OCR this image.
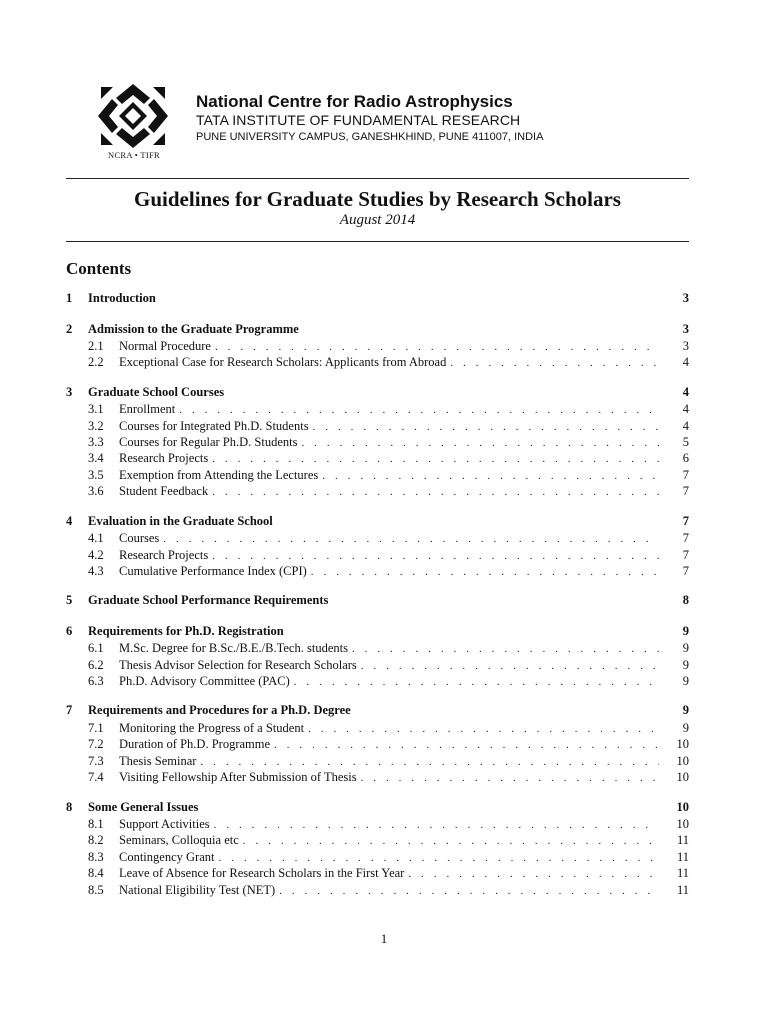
NCRA • TIFR
National Centre for Radio Astrophysics
TATA INSTITUTE OF FUNDAMENTAL RESEARCH
PUNE UNIVERSITY CAMPUS, GANESHKHIND, PUNE 411007, INDIA
Guidelines for Graduate Studies by Research Scholars
August 2014
Contents
1	Introduction	3
2	Admission to the Graduate Programme	3
2.1	Normal Procedure . . .	3
2.2	Exceptional Case for Research Scholars: Applicants from Abroad . . .	4
3	Graduate School Courses	4
3.1	Enrollment . . .	4
3.2	Courses for Integrated Ph.D. Students . . .	4
3.3	Courses for Regular Ph.D. Students . . .	5
3.4	Research Projects . . .	6
3.5	Exemption from Attending the Lectures . . .	7
3.6	Student Feedback . . .	7
4	Evaluation in the Graduate School	7
4.1	Courses . . .	7
4.2	Research Projects . . .	7
4.3	Cumulative Performance Index (CPI) . . .	7
5	Graduate School Performance Requirements	8
6	Requirements for Ph.D. Registration	9
6.1	M.Sc. Degree for B.Sc./B.E./B.Tech. students . . .	9
6.2	Thesis Advisor Selection for Research Scholars . . .	9
6.3	Ph.D. Advisory Committee (PAC) . . .	9
7	Requirements and Procedures for a Ph.D. Degree	9
7.1	Monitoring the Progress of a Student . . .	9
7.2	Duration of Ph.D. Programme . . .	10
7.3	Thesis Seminar . . .	10
7.4	Visiting Fellowship After Submission of Thesis . . .	10
8	Some General Issues	10
8.1	Support Activities . . .	10
8.2	Seminars, Colloquia etc . . .	11
8.3	Contingency Grant . . .	11
8.4	Leave of Absence for Research Scholars in the First Year . . .	11
8.5	National Eligibility Test (NET) . . .	11
1
